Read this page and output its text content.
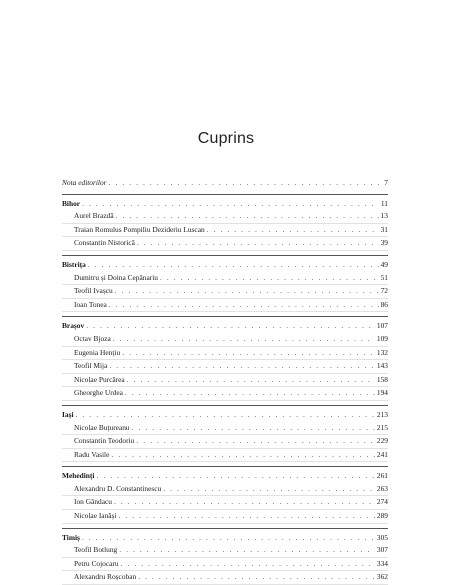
Cuprins
Nota editorilor . . .	7
Bihor . . .	11
Aurel Brazdă . . .	13
Traian Romulus Pompiliu Dezideriu Luscan . . .	31
Constantin Nistorică . . .	39
Bistrița . . .	49
Dumitru și Doina Cepănariu . . .	51
Teofil Ivașcu . . .	72
Ioan Tonea . . .	86
Brașov . . .	107
Octav Bjoza . . .	109
Eugenia Hențiu . . .	132
Teofil Mija . . .	143
Nicolae Purcărea . . .	158
Gheorghe Urdea . . .	194
Iași . . .	213
Nicolae Buțureanu . . .	215
Constantin Teodoriu . . .	229
Radu Vasile . . .	241
Mehedinți . . .	261
Alexandru D. Constantinescu . . .	263
Ion Gândacu . . .	274
Nicolae Ianăși . . .	289
Timiș . . .	305
Teofil Botlung . . .	307
Petru Cojocaru . . .	334
Alexandru Roșcoban . . .	362
